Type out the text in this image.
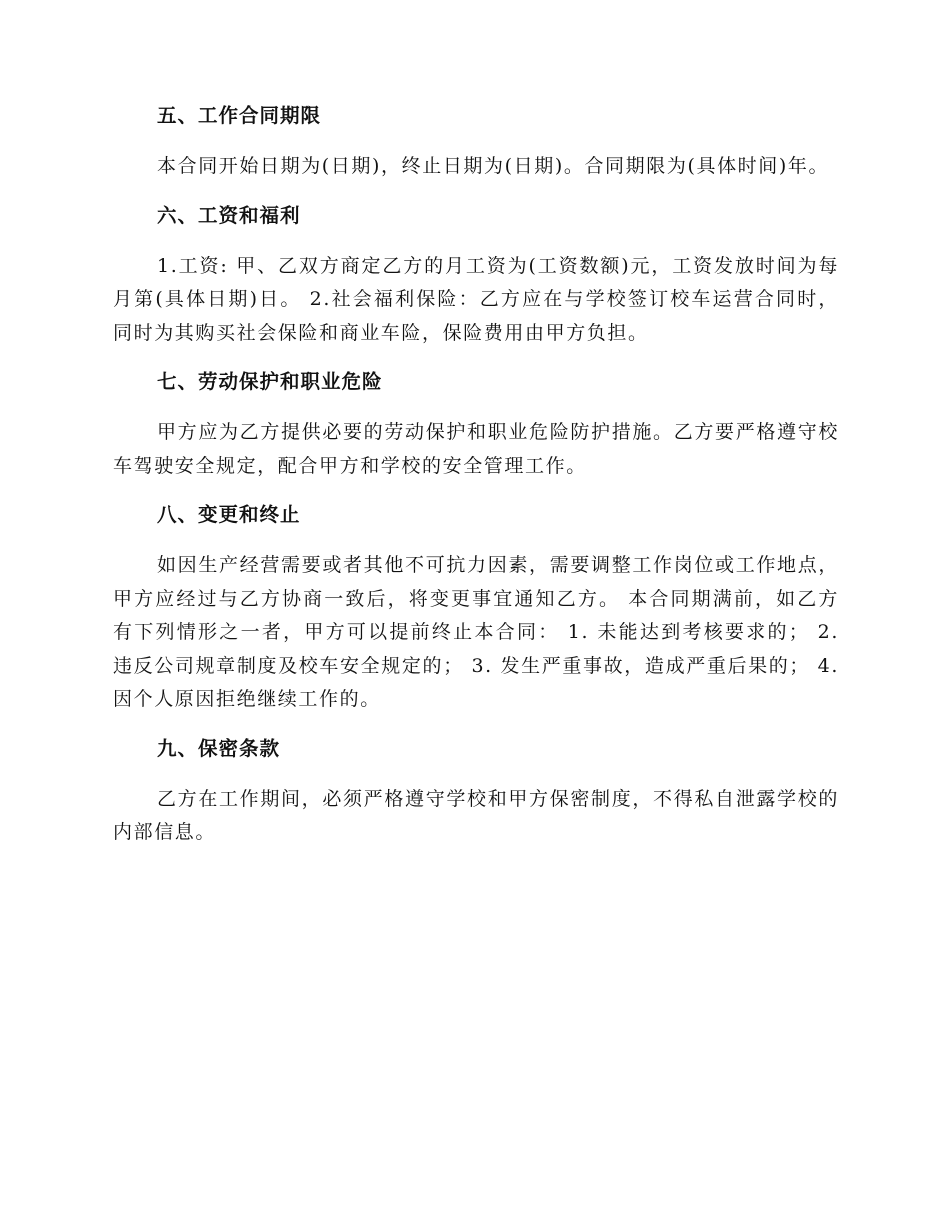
五、工作合同期限

本合同开始日期为(日期)，终止日期为(日期)。合同期限为(具体时间)年。

六、工资和福利

1.工资: 甲、乙双方商定乙方的月工资为(工资数额)元，工资发放时间为每月第(具体日期)日。 2.社会福利保险：乙方应在与学校签订校车运营合同时，同时为其购买社会保险和商业车险，保险费用由甲方负担。

七、劳动保护和职业危险

甲方应为乙方提供必要的劳动保护和职业危险防护措施。乙方要严格遵守校车驾驶安全规定，配合甲方和学校的安全管理工作。

八、变更和终止

如因生产经营需要或者其他不可抗力因素，需要调整工作岗位或工作地点，甲方应经过与乙方协商一致后，将变更事宜通知乙方。 本合同期满前，如乙方有下列情形之一者，甲方可以提前终止本合同： 1. 未能达到考核要求的； 2. 违反公司规章制度及校车安全规定的； 3. 发生严重事故，造成严重后果的； 4. 因个人原因拒绝继续工作的。

九、保密条款

乙方在工作期间，必须严格遵守学校和甲方保密制度，不得私自泄露学校的内部信息。
